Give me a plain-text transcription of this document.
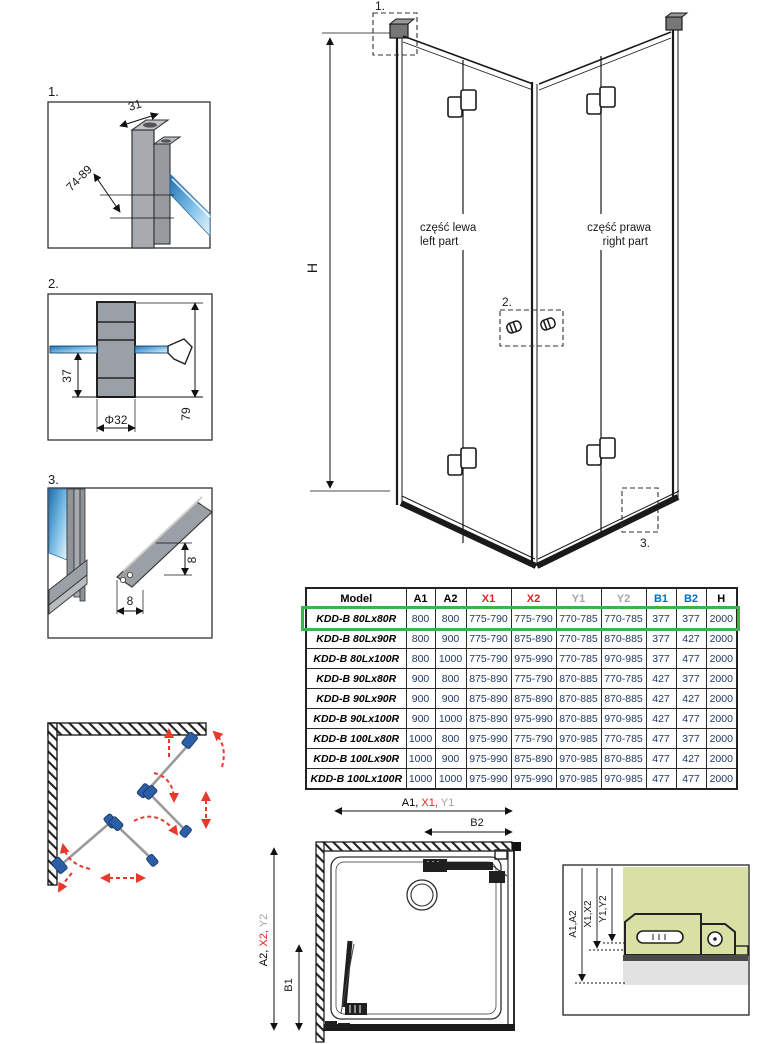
1.
31
74-89
2.
37
Φ32	79
3.
8
8
H
1.
część lewa
left part
część prawa
right part
2.
3.
Model	A1	A2	X1	X2	Y1	Y2	B1	B2	H
KDD-B 80Lx80R	800	800	775-790	775-790	770-785	770-785	377	377	2000
KDD-B 80Lx90R	800	900	775-790	875-890	770-785	870-885	377	427	2000
KDD-B 80Lx100R	800	1000	775-790	975-990	770-785	970-985	377	477	2000
KDD-B 90Lx80R	900	800	875-890	775-790	870-885	770-785	427	377	2000
KDD-B 90Lx90R	900	900	875-890	875-890	870-885	870-885	427	427	2000
KDD-B 90Lx100R	900	1000	875-890	975-990	870-885	970-985	427	477	2000
KDD-B 100Lx80R	1000	800	975-990	775-790	970-985	770-785	477	377	2000
KDD-B 100Lx90R	1000	900	975-990	875-890	970-985	870-885	477	427	2000
KDD-B 100Lx100R	1000	1000	975-990	975-990	970-985	970-985	477	477	2000
A1, X1, Y1
B2
A2, X2, Y2
B1
A1,A2 X1,X2 Y1,Y2
